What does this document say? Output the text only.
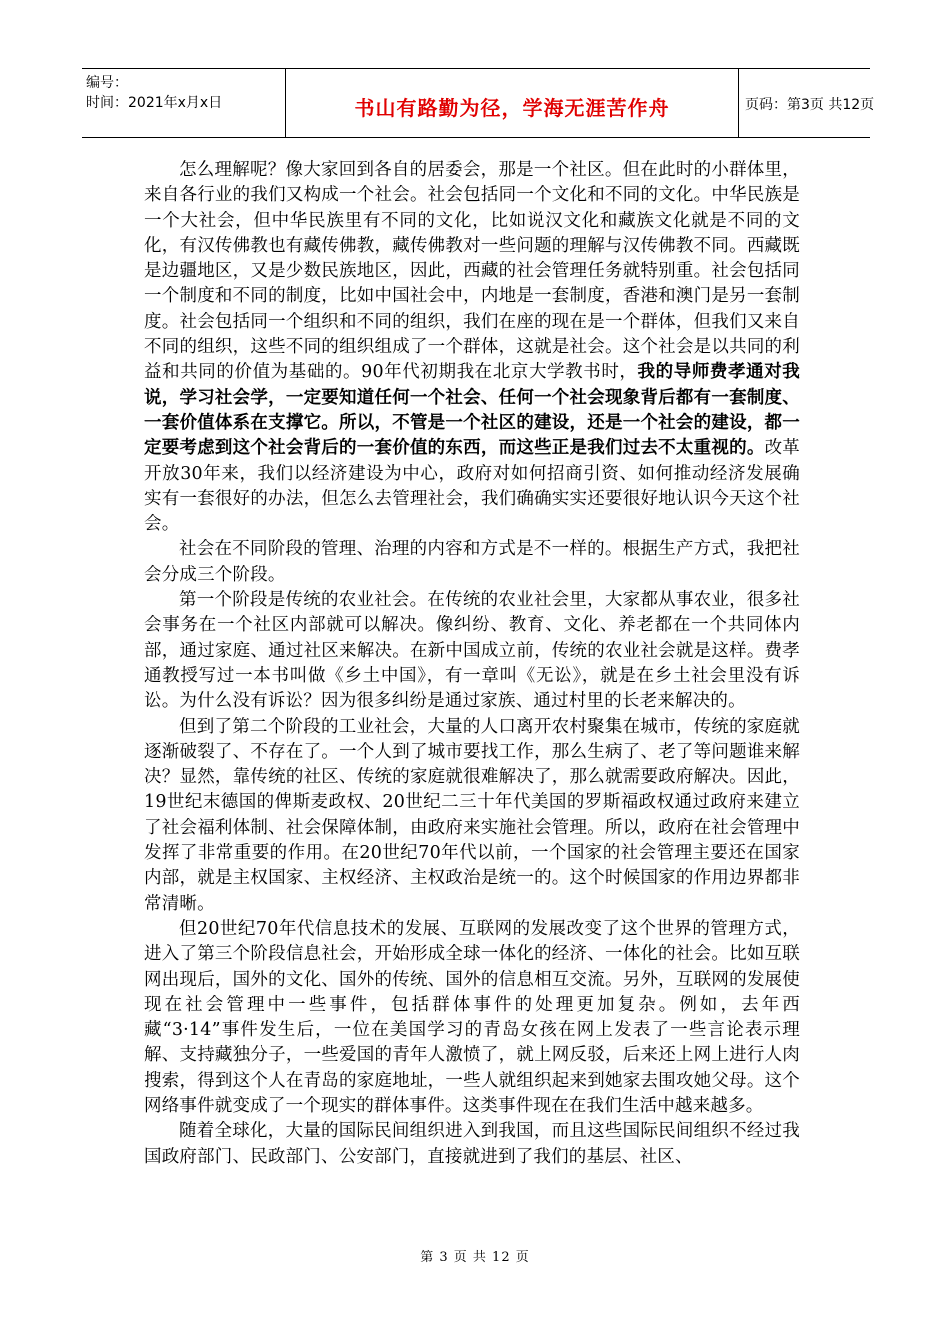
编号：
时间：2021年x月x日	书山有路勤为径，学海无涯苦作舟	页码：第3页 共12页

怎么理解呢？像大家回到各自的居委会，那是一个社区。但在此时的小群体里，来自各行业的我们又构成一个社会。社会包括同一个文化和不同的文化。中华民族是一个大社会，但中华民族里有不同的文化，比如说汉文化和藏族文化就是不同的文化，有汉传佛教也有藏传佛教，藏传佛教对一些问题的理解与汉传佛教不同。西藏既是边疆地区，又是少数民族地区，因此，西藏的社会管理任务就特别重。社会包括同一个制度和不同的制度，比如中国社会中，内地是一套制度，香港和澳门是另一套制度。社会包括同一个组织和不同的组织，我们在座的现在是一个群体，但我们又来自不同的组织，这些不同的组织组成了一个群体，这就是社会。这个社会是以共同的利益和共同的价值为基础的。90年代初期我在北京大学教书时，我的导师费孝通对我说，学习社会学，一定要知道任何一个社会、任何一个社会现象背后都有一套制度、一套价值体系在支撑它。所以，不管是一个社区的建设，还是一个社会的建设，都一定要考虑到这个社会背后的一套价值的东西，而这些正是我们过去不太重视的。改革开放30年来，我们以经济建设为中心，政府对如何招商引资、如何推动经济发展确实有一套很好的办法，但怎么去管理社会，我们确确实实还要很好地认识今天这个社会。

社会在不同阶段的管理、治理的内容和方式是不一样的。根据生产方式，我把社会分成三个阶段。

第一个阶段是传统的农业社会。在传统的农业社会里，大家都从事农业，很多社会事务在一个社区内部就可以解决。像纠纷、教育、文化、养老都在一个共同体内部，通过家庭、通过社区来解决。在新中国成立前，传统的农业社会就是这样。费孝通教授写过一本书叫做《乡土中国》，有一章叫《无讼》，就是在乡土社会里没有诉讼。为什么没有诉讼？因为很多纠纷是通过家族、通过村里的长老来解决的。

但到了第二个阶段的工业社会，大量的人口离开农村聚集在城市，传统的家庭就逐渐破裂了、不存在了。一个人到了城市要找工作，那么生病了、老了等问题谁来解决？显然，靠传统的社区、传统的家庭就很难解决了，那么就需要政府解决。因此，19世纪末德国的俾斯麦政权、20世纪二三十年代美国的罗斯福政权通过政府来建立了社会福利体制、社会保障体制，由政府来实施社会管理。所以，政府在社会管理中发挥了非常重要的作用。在20世纪70年代以前，一个国家的社会管理主要还在国家内部，就是主权国家、主权经济、主权政治是统一的。这个时候国家的作用边界都非常清晰。

但20世纪70年代信息技术的发展、互联网的发展改变了这个世界的管理方式，进入了第三个阶段信息社会，开始形成全球一体化的经济、一体化的社会。比如互联网出现后，国外的文化、国外的传统、国外的信息相互交流。另外，互联网的发展使现在社会管理中一些事件，包括群体事件的处理更加复杂。例如，去年西藏“3·14”事件发生后，一位在美国学习的青岛女孩在网上发表了一些言论表示理解、支持藏独分子，一些爱国的青年人激愤了，就上网反驳，后来还上网上进行人肉搜索，得到这个人在青岛的家庭地址，一些人就组织起来到她家去围攻她父母。这个网络事件就变成了一个现实的群体事件。这类事件现在在我们生活中越来越多。

随着全球化，大量的国际民间组织进入到我国，而且这些国际民间组织不经过我国政府部门、民政部门、公安部门，直接就进到了我们的基层、社区、

第 3 页 共 12 页
